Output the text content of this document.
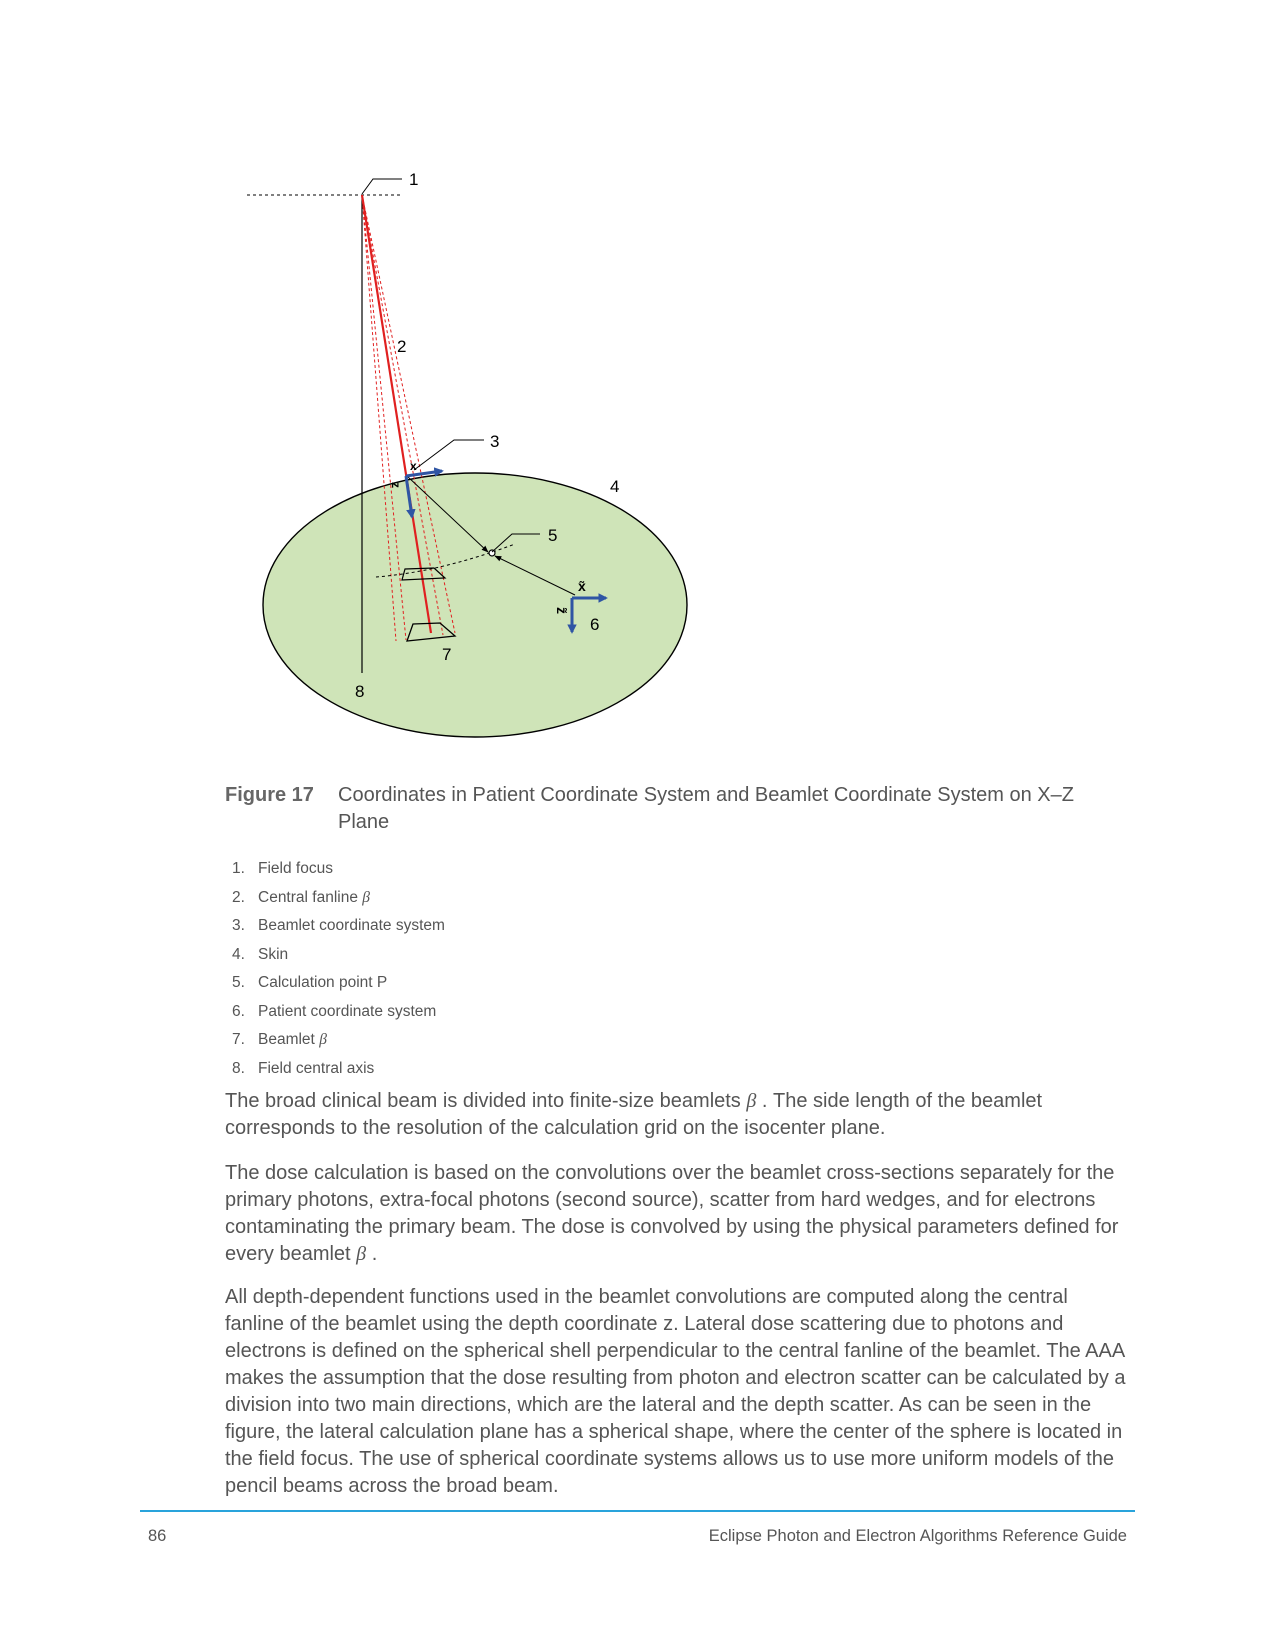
x
z
x̃
z̃
1
2
3
4
5
6
7
8
Figure 17 Coordinates in Patient Coordinate System and Beamlet Coordinate System on X–Z Plane
1. Field focus
2. Central fanline β
3. Beamlet coordinate system
4. Skin
5. Calculation point P
6. Patient coordinate system
7. Beamlet β
8. Field central axis

The broad clinical beam is divided into finite-size beamlets β . The side length of the beamlet corresponds to the resolution of the calculation grid on the isocenter plane.

The dose calculation is based on the convolutions over the beamlet cross-sections separately for the primary photons, extra-focal photons (second source), scatter from hard wedges, and for electrons contaminating the primary beam. The dose is convolved by using the physical parameters defined for every beamlet β .

All depth-dependent functions used in the beamlet convolutions are computed along the central fanline of the beamlet using the depth coordinate z. Lateral dose scattering due to photons and electrons is defined on the spherical shell perpendicular to the central fanline of the beamlet. The AAA makes the assumption that the dose resulting from photon and electron scatter can be calculated by a division into two main directions, which are the lateral and the depth scatter. As can be seen in the figure, the lateral calculation plane has a spherical shape, where the center of the sphere is located in the field focus. The use of spherical coordinate systems allows us to use more uniform models of the pencil beams across the broad beam.

86	Eclipse Photon and Electron Algorithms Reference Guide
